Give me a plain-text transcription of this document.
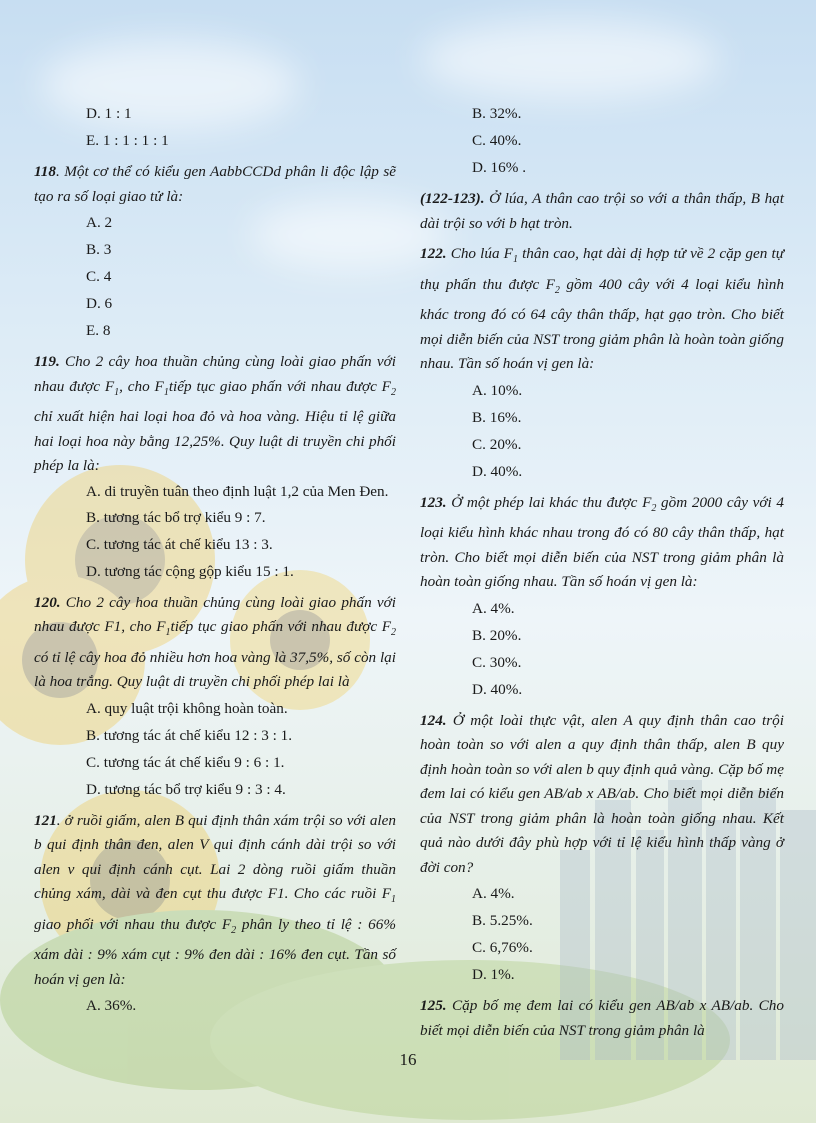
D. 1 : 1

E. 1 : 1 : 1 : 1

118. Một cơ thể có kiểu gen AabbCCDd phân li độc lập sẽ tạo ra số loại giao tử là:

A. 2

B. 3

C. 4

D. 6

E. 8

119. Cho 2 cây hoa thuần chủng cùng loài giao phấn với nhau được $F_1$, cho $F_1tiếp$ tục giao phấn với nhau được $F_2$ chỉ xuất hiện hai loại hoa đỏ và hoa vàng. Hiệu tỉ lệ giữa hai loại hoa này bằng 12,25%. Quy luật di truyền chi phối phép la là:

A. di truyền tuân theo định luật 1,2 của Men Đen.

B. tương tác bổ trợ kiểu 9 : 7.

C. tương tác át chế kiểu 13 : 3.

D. tương tác cộng gộp kiểu 15 : 1.

120. Cho 2 cây hoa thuần chủng cùng loài giao phấn với nhau được F1, cho $F_1tiếp$ tục giao phấn với nhau được $F_2$ có tỉ lệ cây hoa đỏ nhiều hơn hoa vàng là 37,5%, số còn lại là hoa trắng. Quy luật di truyền chi phối phép lai là

A. quy luật trội không hoàn toàn.

B. tương tác át chế kiểu 12 : 3 : 1.

C. tương tác át chế kiểu 9 : 6 : 1.

D. tương tác bổ trợ kiểu 9 : 3 : 4.

121. ở ruồi giấm, alen B qui định thân xám trội so với alen b qui định thân đen, alen V qui định cánh dài trội so với alen v qui định cánh cụt. Lai 2 dòng ruồi giấm thuần chủng xám, dài và đen cụt thu được F1. Cho các ruồi $F_1$ giao phối với nhau thu được $F_2$ phân ly theo tỉ lệ : 66% xám dài : 9% xám cụt : 9% đen dài : 16% đen cụt. Tần số hoán vị gen là:

A. 36%.

B. 32%.

C. 40%.

D. 16% .

(122-123). Ở lúa, A thân cao trội so với a thân thấp, B hạt dài trội so với b hạt tròn.

122. Cho lúa $F_1$ thân cao, hạt dài dị hợp tử về 2 cặp gen tự thụ phấn thu được $F_2$ gồm 400 cây với 4 loại kiểu hình khác trong đó có 64 cây thân thấp, hạt gạo tròn. Cho biết mọi diễn biến của NST trong giảm phân là hoàn toàn giống nhau. Tần số hoán vị gen là:

A. 10%.

B. 16%.

C. 20%.

D. 40%.

123. Ở một phép lai khác thu được $F_2$ gồm 2000 cây với 4 loại kiểu hình khác nhau trong đó có 80 cây thân thấp, hạt tròn. Cho biết mọi diễn biến của NST trong giảm phân là hoàn toàn giống nhau. Tần số hoán vị gen là:

A. 4%.

B. 20%.

C. 30%.

D. 40%.

124. Ở một loài thực vật, alen A quy định thân cao trội hoàn toàn so với alen a quy định thân thấp, alen B quy định hoàn toàn so với alen b quy định quả vàng. Cặp bố mẹ đem lai có kiểu gen AB/ab x AB/ab. Cho biết mọi diễn biến của NST trong giảm phân là hoàn toàn giống nhau. Kết quả nào dưới đây phù hợp với tỉ lệ kiểu hình thấp vàng ở đời con?

A. 4%.

B. 5.25%.

C. 6,76%.

D. 1%.

125. Cặp bố mẹ đem lai có kiểu gen AB/ab x AB/ab. Cho biết mọi diễn biến của NST trong giảm phân là

16
